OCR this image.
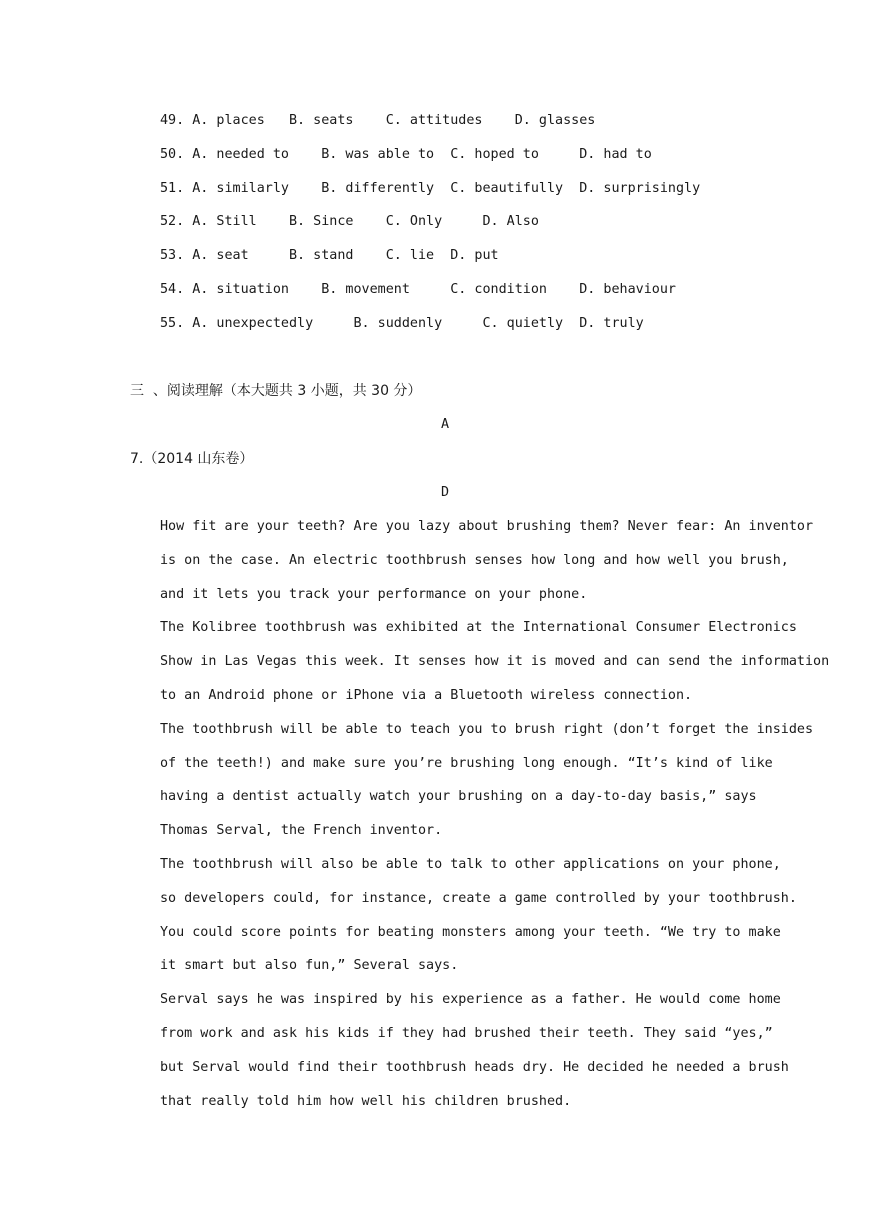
49. A. places   B. seats    C. attitudes    D. glasses
50. A. needed to    B. was able to  C. hoped to     D. had to
51. A. similarly    B. differently  C. beautifully  D. surprisingly
52. A. Still    B. Since    C. Only     D. Also
53. A. seat     B. stand    C. lie  D. put
54. A. situation    B. movement     C. condition    D. behaviour
55. A. unexpectedly     B. suddenly     C. quietly  D. truly
三  、阅读理解（本大题共 3 小题，共 30 分）
A
7.（2014 山东卷）
D
How fit are your teeth? Are you lazy about brushing them? Never fear: An inventor
is on the case. An electric toothbrush senses how long and how well you brush,
and it lets you track your performance on your phone.
The Kolibree toothbrush was exhibited at the International Consumer Electronics
Show in Las Vegas this week. It senses how it is moved and can send the information
to an Android phone or iPhone via a Bluetooth wireless connection.
The toothbrush will be able to teach you to brush right (don’t forget the insides
of the teeth!) and make sure you’re brushing long enough. “It’s kind of like
having a dentist actually watch your brushing on a day-to-day basis,” says
Thomas Serval, the French inventor.
The toothbrush will also be able to talk to other applications on your phone,
so developers could, for instance, create a game controlled by your toothbrush.
You could score points for beating monsters among your teeth. “We try to make
it smart but also fun,” Several says.
Serval says he was inspired by his experience as a father. He would come home
from work and ask his kids if they had brushed their teeth. They said “yes,”
but Serval would find their toothbrush heads dry. He decided he needed a brush
that really told him how well his children brushed.
